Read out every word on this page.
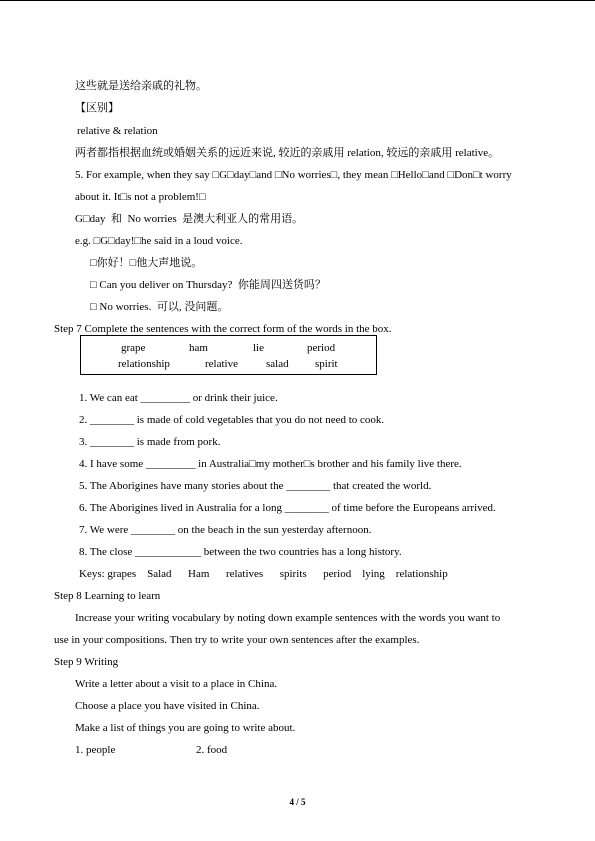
这些就是送给亲戚的礼物。
【区别】
relative & relation
两者都指根据血统或婚姻关系的远近来说, 较近的亲戚用 relation, 较远的亲戚用 relative。
5. For example, when they say □G□day□and □No worries□, they mean □Hello□and □Don□t worry
about it. It□s not a problem!□
G□day  和  No worries  是澳大利亚人的常用语。
e.g. □G□day!□he said in a loud voice.
□你好！□他大声地说。
□ Can you deliver on Thursday?  你能周四送货吗？
□ No worries.  可以, 没问题。
Step 7 Complete the sentences with the correct form of the words in the box.
grape	ham	lie	period
relationship	relative	salad spirit
1. We can eat _________ or drink their juice.
2. ________ is made of cold vegetables that you do not need to cook.
3. ________ is made from pork.
4. I have some _________ in Australia□my mother□s brother and his family live there.
5. The Aborigines have many stories about the ________ that created the world.
6. The Aborigines lived in Australia for a long ________ of time before the Europeans arrived.
7. We were ________ on the beach in the sun yesterday afternoon.
8. The close ____________ between the two countries has a long history.
Keys: grapes    Salad      Ham      relatives      spirits      period    lying    relationship
Step 8 Learning to learn
Increase your writing vocabulary by noting down example sentences with the words you want to
use in your compositions. Then try to write your own sentences after the examples.
Step 9 Writing
Write a letter about a visit to a place in China.
Choose a place you have visited in China.
Make a list of things you are going to write about.
1. people	2. food
4 / 5
